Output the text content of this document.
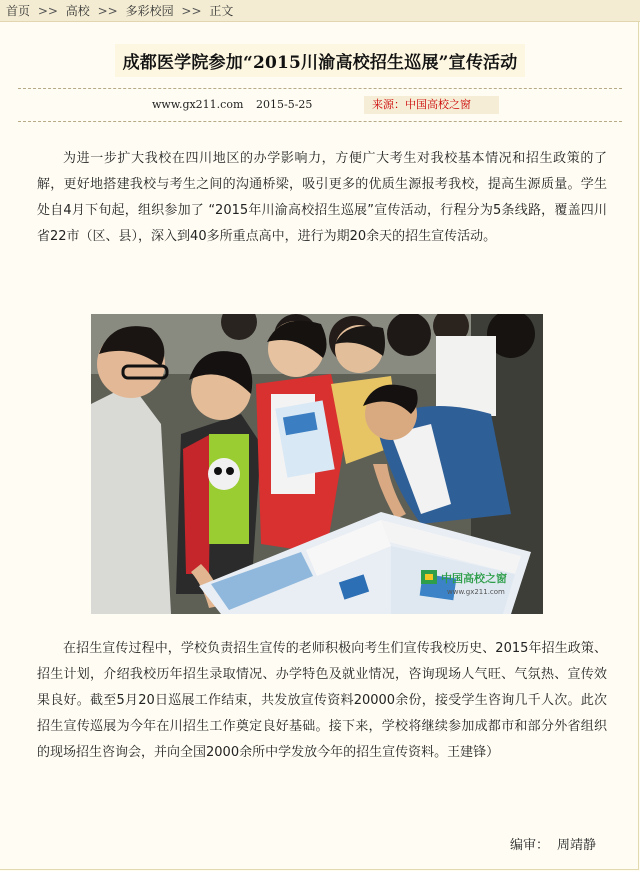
首页 >> 高校 >> 多彩校园 >> 正文
成都医学院参加“2015川渝高校招生巡展”宣传活动
www.gx211.com 2015-5-25	来源：中国高校之窗

为进一步扩大我校在四川地区的办学影响力，方便广大考生对我校基本情况和招生政策的了解，更好地搭建我校与考生之间的沟通桥梁，吸引更多的优质生源报考我校，提高生源质量。学生处自4月下旬起，组织参加了 “2015年川渝高校招生巡展”宣传活动，行程分为5条线路，覆盖四川省22市（区、县），深入到40多所重点高中，进行为期20余天的招生宣传活动。

中国高校之窗
www.gx211.com

在招生宣传过程中，学校负责招生宣传的老师积极向考生们宣传我校历史、2015年招生政策、招生计划，介绍我校历年招生录取情况、办学特色及就业情况，咨询现场人气旺、气氛热、宣传效果良好。截至5月20日巡展工作结束，共发放宣传资料20000余份，接受学生咨询几千人次。此次招生宣传巡展为今年在川招生工作奠定良好基础。接下来，学校将继续参加成都市和部分外省组织的现场招生咨询会，并向全国2000余所中学发放今年的招生宣传资料。王建锋）

编审： 周靖静
